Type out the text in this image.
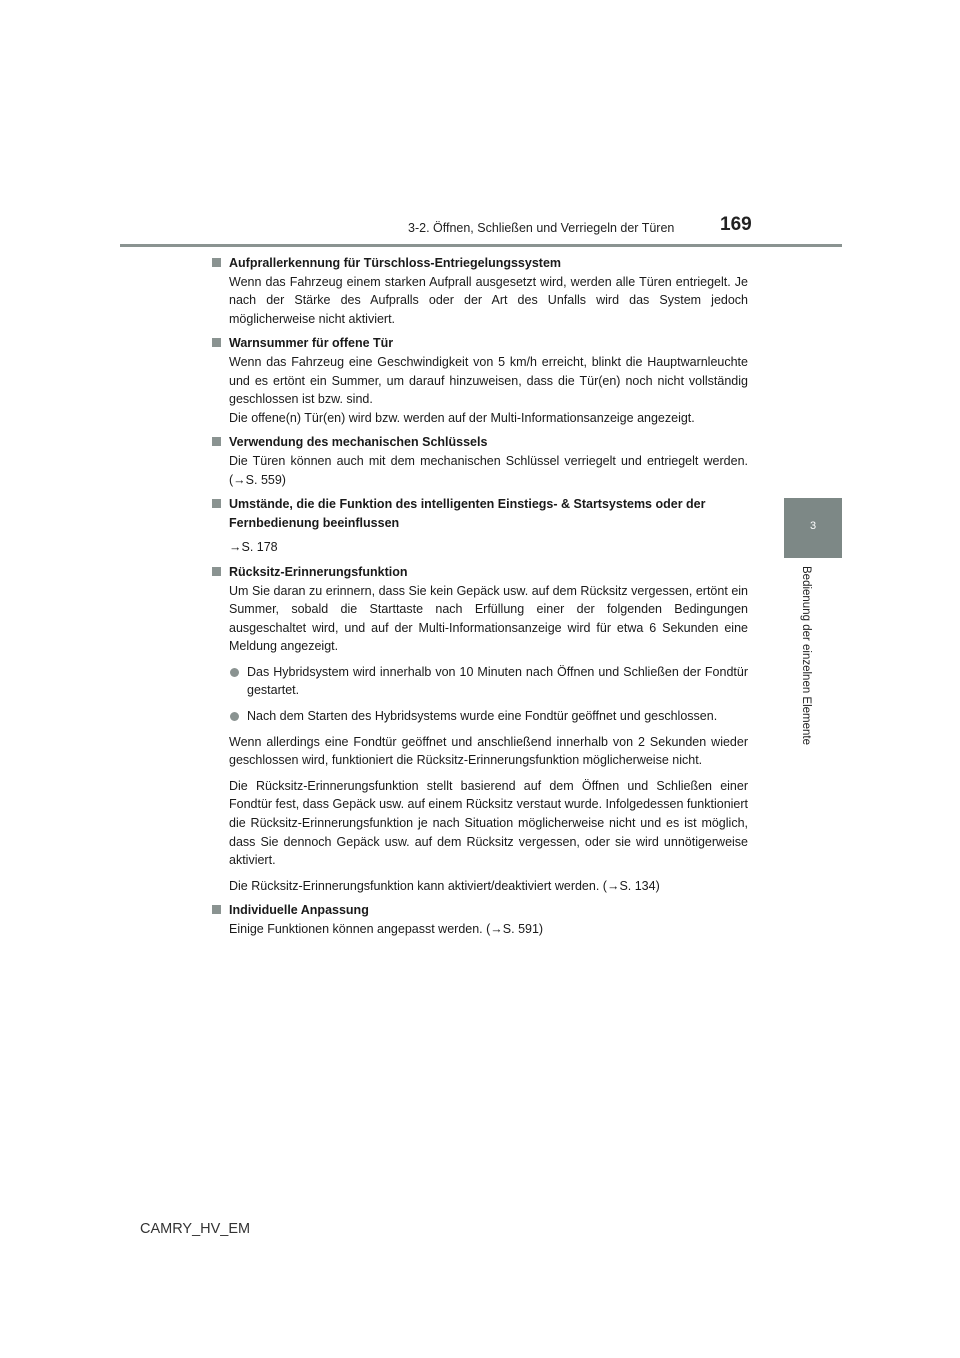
3-2. Öffnen, Schließen und Verriegeln der Türen 169
3
Bedienung der einzelnen Elemente
Aufprallerkennung für Türschloss-Entriegelungssystem
Wenn das Fahrzeug einem starken Aufprall ausgesetzt wird, werden alle Türen entriegelt. Je nach der Stärke des Aufpralls oder der Art des Unfalls wird das System jedoch möglicherweise nicht aktiviert.
Warnsummer für offene Tür
Wenn das Fahrzeug eine Geschwindigkeit von 5 km/h erreicht, blinkt die Hauptwarnleuchte und es ertönt ein Summer, um darauf hinzuweisen, dass die Tür(en) noch nicht vollständig geschlossen ist bzw. sind.
Die offene(n) Tür(en) wird bzw. werden auf der Multi-Informationsanzeige angezeigt.
Verwendung des mechanischen Schlüssels
Die Türen können auch mit dem mechanischen Schlüssel verriegelt und entriegelt werden. (→S. 559)
Umstände, die die Funktion des intelligenten Einstiegs- & Startsystems oder der Fernbedienung beeinflussen
→S. 178
Rücksitz-Erinnerungsfunktion
Um Sie daran zu erinnern, dass Sie kein Gepäck usw. auf dem Rücksitz vergessen, ertönt ein Summer, sobald die Starttaste nach Erfüllung einer der folgenden Bedingungen ausgeschaltet wird, und auf der Multi-Informationsanzeige wird für etwa 6 Sekunden eine Meldung angezeigt.
Das Hybridsystem wird innerhalb von 10 Minuten nach Öffnen und Schließen der Fondtür gestartet.
Nach dem Starten des Hybridsystems wurde eine Fondtür geöffnet und geschlossen.
Wenn allerdings eine Fondtür geöffnet und anschließend innerhalb von 2 Sekunden wieder geschlossen wird, funktioniert die Rücksitz-Erinnerungsfunktion möglicherweise nicht.
Die Rücksitz-Erinnerungsfunktion stellt basierend auf dem Öffnen und Schließen einer Fondtür fest, dass Gepäck usw. auf einem Rücksitz verstaut wurde. Infolgedessen funktioniert die Rücksitz-Erinnerungsfunktion je nach Situation möglicherweise nicht und es ist möglich, dass Sie dennoch Gepäck usw. auf dem Rücksitz vergessen, oder sie wird unnötigerweise aktiviert.
Die Rücksitz-Erinnerungsfunktion kann aktiviert/deaktiviert werden. (→S. 134)
Individuelle Anpassung
Einige Funktionen können angepasst werden. (→S. 591)
CAMRY_HV_EM
